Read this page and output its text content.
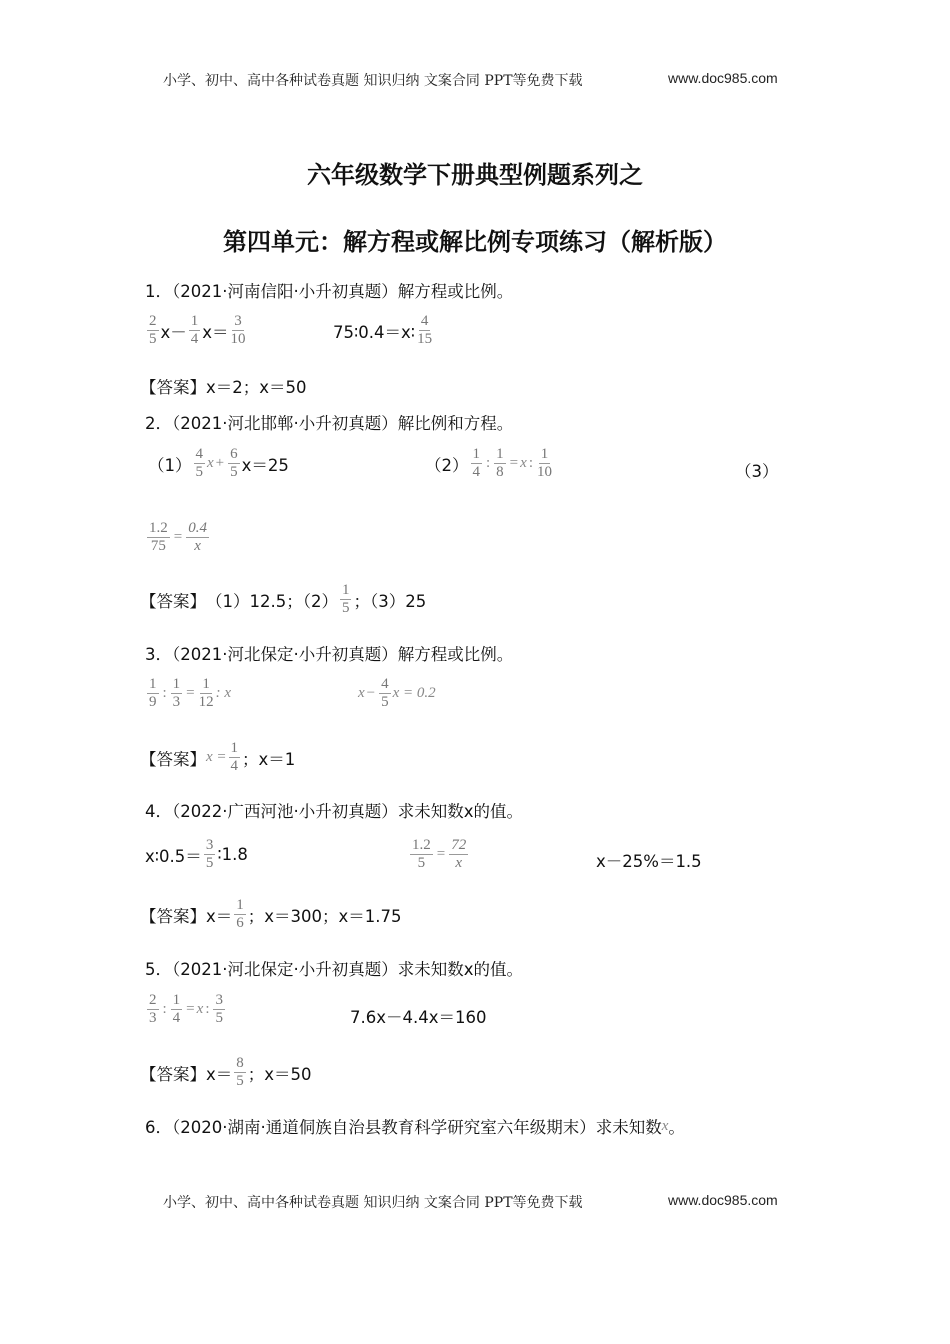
小学、初中、高中各种试卷真题 知识归纳 文案合同 PPT等免费下载	www.doc985.com
六年级数学下册典型例题系列之
第四单元：解方程或解比例专项练习（解析版）
1．（2021·河南信阳·小升初真题）解方程或比例。
$\frac{2}{5} x- \frac{1}{4} x= \frac{3}{10}$	75∶0.4＝x∶ $\frac{4}{15}$
【答案】 x＝2；x＝50
2．（2021·河北邯郸·小升初真题）解比例和方程。
$(1) \frac{4}{5}$ $x + \frac{6}{5} x=25$	$(2) \frac{1}{4}$ : $\frac{1}{8} = x$ : $\frac{1}{10}$	（3）
$\frac{1.2}{75} = \frac{0.4}{x}$
【答案】 （1）12.5；$(2) \frac{1}{5}$ ；（3）25
3．（2021·河北保定·小升初真题）解方程或比例。
$\frac{1}{9}$ : $\frac{1}{3} = \frac{1}{12}$ : x	$x - \frac{4}{5}$ x = 0.2
【答案】 $x = \frac{1}{4}$ ；x＝1
4．（2022·广西河池·小升初真题）求未知数x的值。
x∶0.5＝ $\frac{3}{5}$ ∶1.8	$\frac{1.2}{5} = \frac{72}{x}$	x－25%＝1.5
【答案】 $x= \frac{1}{6}$ ；x＝300；x＝1.75
5．（2021·河北保定·小升初真题）求未知数x的值。
$\frac{2}{3}$ : $\frac{1}{4} = x$ : $\frac{3}{5}$	7.6x－4.4x＝160
【答案】 $x= \frac{8}{5}$ ；x＝50
6．（2020·湖南·通道侗族自治县教育科学研究室六年级期末）求未知数 x 。
小学、初中、高中各种试卷真题 知识归纳 文案合同 PPT等免费下载	www.doc985.com
